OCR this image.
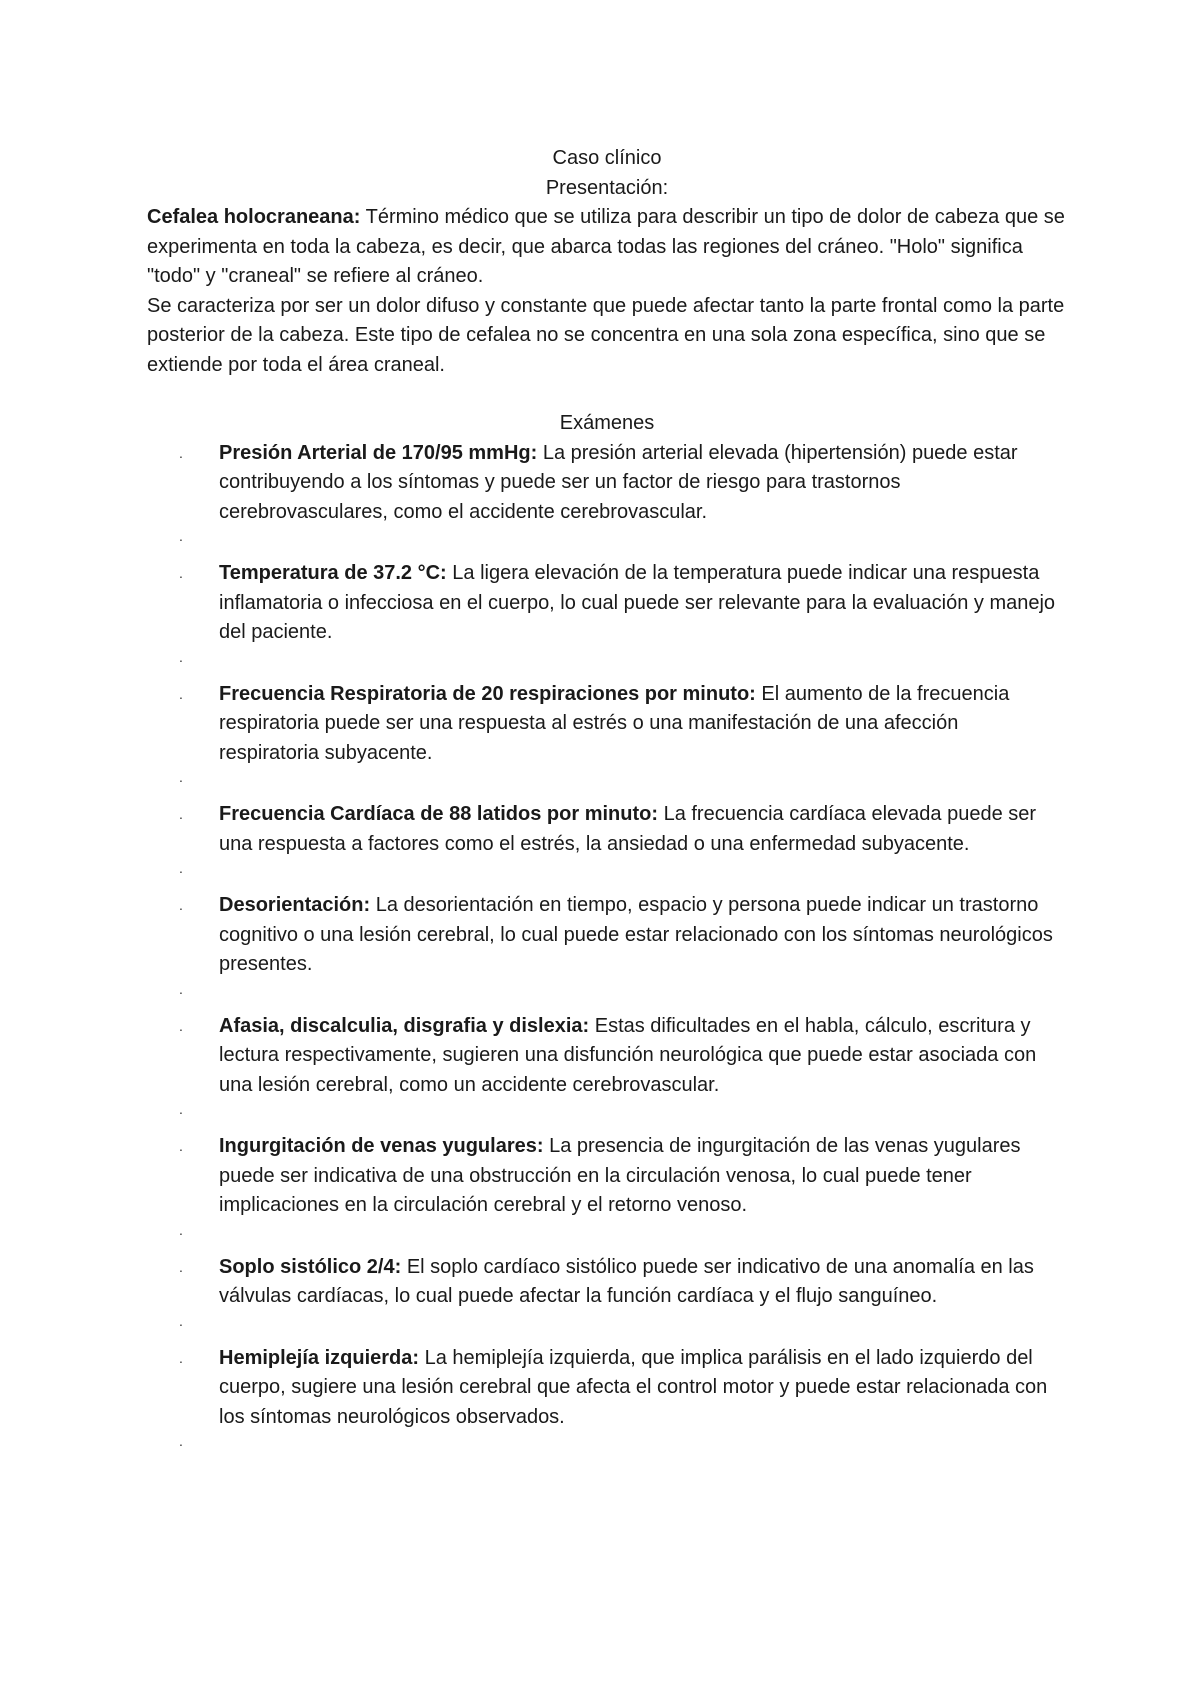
Caso clínico
Presentación:

Cefalea holocraneana: Término médico que se utiliza para describir un tipo de dolor de cabeza que se experimenta en toda la cabeza, es decir, que abarca todas las regiones del cráneo. "Holo" significa "todo" y "craneal" se refiere al cráneo.

Se caracteriza por ser un dolor difuso y constante que puede afectar tanto la parte frontal como la parte posterior de la cabeza. Este tipo de cefalea no se concentra en una sola zona específica, sino que se extiende por toda el área craneal.

Exámenes
. Presión Arterial de 170/95 mmHg: La presión arterial elevada (hipertensión) puede estar contribuyendo a los síntomas y puede ser un factor de riesgo para trastornos cerebrovasculares, como el accidente cerebrovascular.
.
. Temperatura de 37.2 °C: La ligera elevación de la temperatura puede indicar una respuesta inflamatoria o infecciosa en el cuerpo, lo cual puede ser relevante para la evaluación y manejo del paciente.
.
. Frecuencia Respiratoria de 20 respiraciones por minuto: El aumento de la frecuencia respiratoria puede ser una respuesta al estrés o una manifestación de una afección respiratoria subyacente.
.
. Frecuencia Cardíaca de 88 latidos por minuto: La frecuencia cardíaca elevada puede ser una respuesta a factores como el estrés, la ansiedad o una enfermedad subyacente.
.
. Desorientación: La desorientación en tiempo, espacio y persona puede indicar un trastorno cognitivo o una lesión cerebral, lo cual puede estar relacionado con los síntomas neurológicos presentes.
.
. Afasia, discalculia, disgrafia y dislexia: Estas dificultades en el habla, cálculo, escritura y lectura respectivamente, sugieren una disfunción neurológica que puede estar asociada con una lesión cerebral, como un accidente cerebrovascular.
.
. Ingurgitación de venas yugulares: La presencia de ingurgitación de las venas yugulares puede ser indicativa de una obstrucción en la circulación venosa, lo cual puede tener implicaciones en la circulación cerebral y el retorno venoso.
.
. Soplo sistólico 2/4: El soplo cardíaco sistólico puede ser indicativo de una anomalía en las válvulas cardíacas, lo cual puede afectar la función cardíaca y el flujo sanguíneo.
.
. Hemiplejía izquierda: La hemiplejía izquierda, que implica parálisis en el lado izquierdo del cuerpo, sugiere una lesión cerebral que afecta el control motor y puede estar relacionada con los síntomas neurológicos observados.
.
